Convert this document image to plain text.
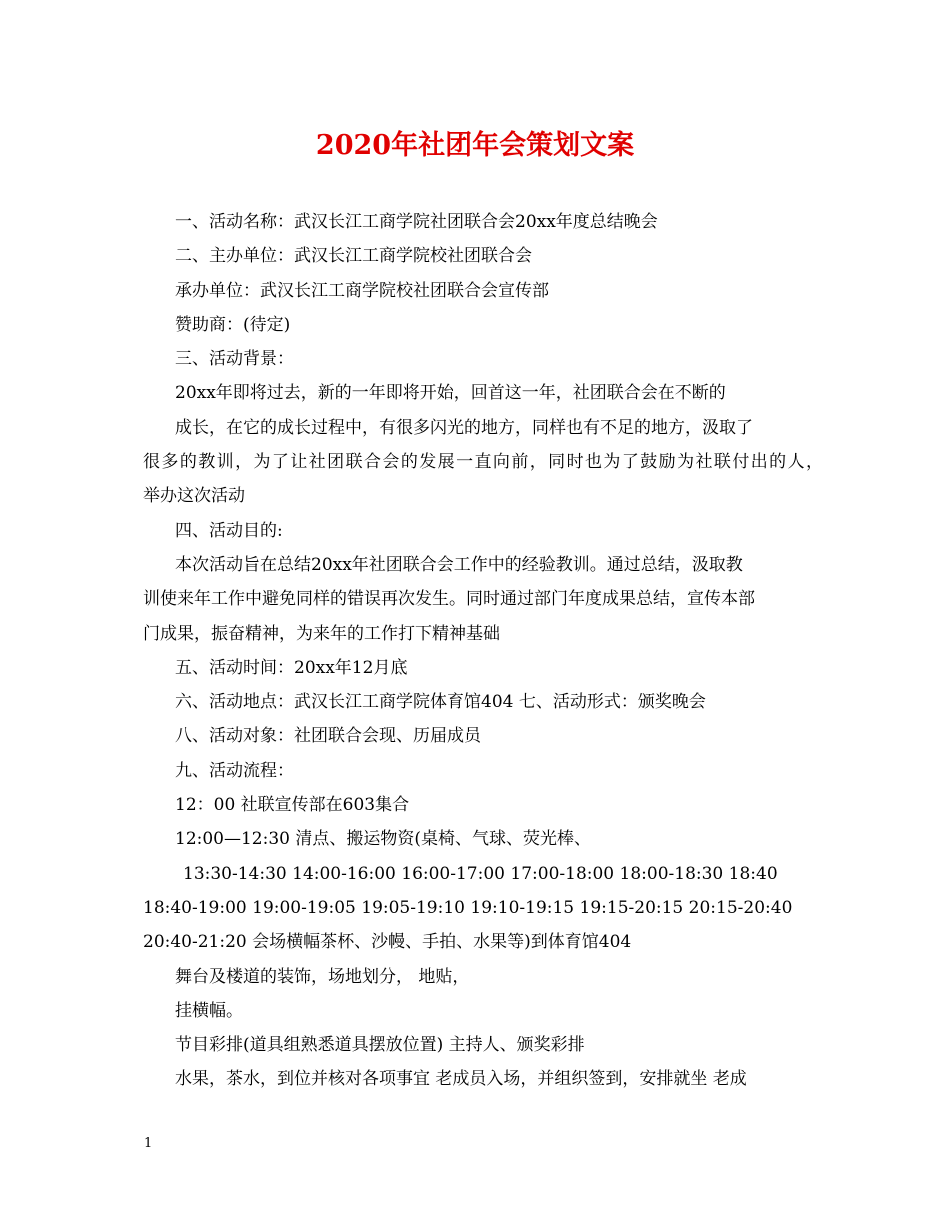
2020年社团年会策划文案
一、活动名称：武汉长江工商学院社团联合会20xx年度总结晚会
二、主办单位：武汉长江工商学院校社团联合会
承办单位：武汉长江工商学院校社团联合会宣传部
赞助商：(待定)
三、活动背景：
20xx年即将过去，新的一年即将开始，回首这一年，社团联合会在不断的
成长，在它的成长过程中，有很多闪光的地方，同样也有不足的地方，汲取了
很多的教训，为了让社团联合会的发展一直向前，同时也为了鼓励为社联付出的人，
举办这次活动
四、活动目的:
本次活动旨在总结20xx年社团联合会工作中的经验教训。通过总结，汲取教
训使来年工作中避免同样的错误再次发生。同时通过部门年度成果总结，宣传本部
门成果，振奋精神，为来年的工作打下精神基础
五、活动时间：20xx年12月底
六、活动地点：武汉长江工商学院体育馆404 七、活动形式：颁奖晚会
八、活动对象：社团联合会现、历届成员
九、活动流程：
12：00 社联宣传部在603集合
12:00—12:30 清点、搬运物资(桌椅、气球、荧光棒、
13:30-14:30 14:00-16:00 16:00-17:00 17:00-18:00 18:00-18:30 18:40
18:40-19:00 19:00-19:05 19:05-19:10 19:10-19:15 19:15-20:15 20:15-20:40
20:40-21:20 会场横幅茶杯、沙幔、手拍、水果等)到体育馆404
舞台及楼道的装饰，场地划分， 地贴，
挂横幅。
节目彩排(道具组熟悉道具摆放位置) 主持人、颁奖彩排
水果，茶水，到位并核对各项事宜 老成员入场，并组织签到，安排就坐 老成
1
